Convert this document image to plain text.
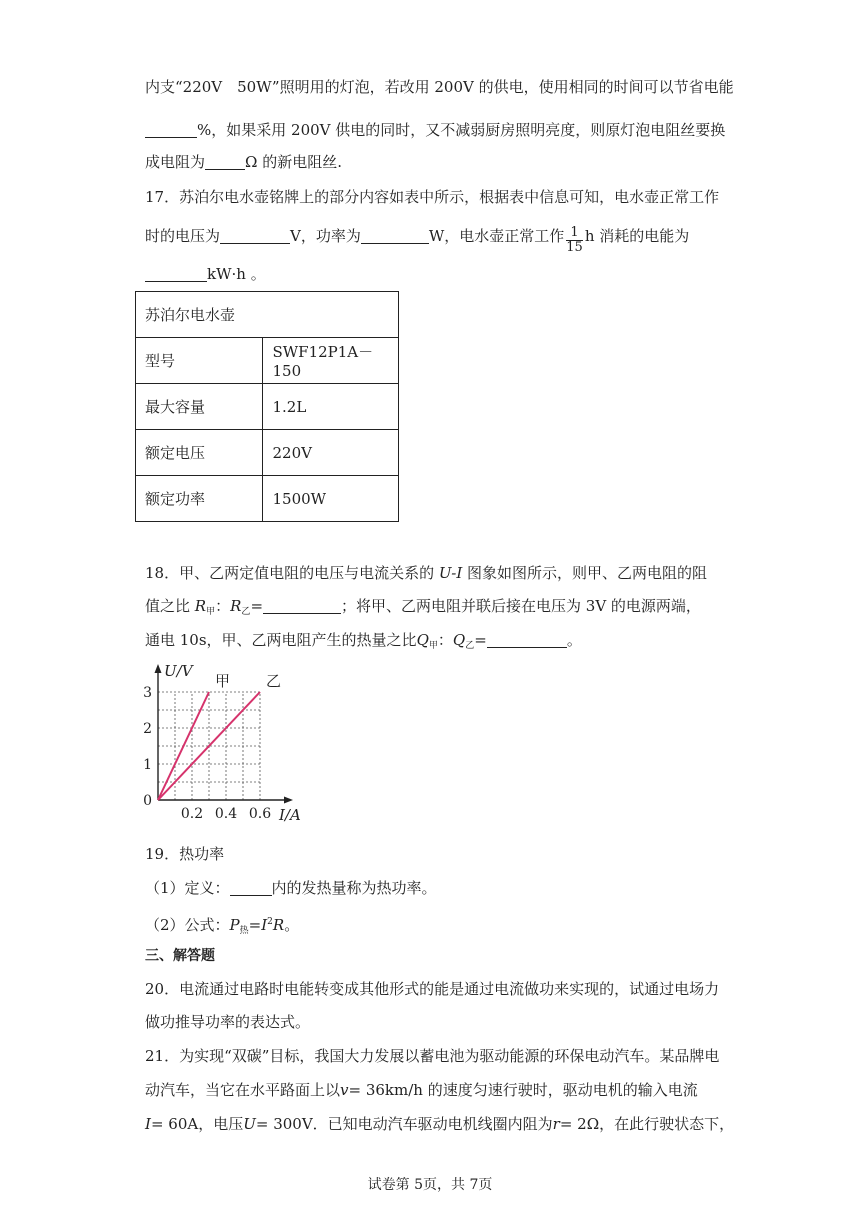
内支“220V　50W”照明用的灯泡，若改用 200V 的供电，使用相同的时间可以节省电能
%，如果采用 200V 供电的同时，又不减弱厨房照明亮度，则原灯泡电阻丝要换
成电阻为	Ω 的新电阻丝.
17．苏泊尔电水壶铭牌上的部分内容如表中所示，根据表中信息可知，电水壶正常工作
时的电压为	V，功率为	W，电水壶正常工作 $\frac{1}{15}$ h 消耗的电能为
kW·h 。
苏泊尔电水壶	
型号	SWF12P1A－150
最大容量	1.2L
额定电压	220V
额定功率	1500W
18．甲、乙两定值电阻的电压与电流关系的 U-I 图象如图所示，则甲、乙两电阻的阻
值之比 $R_甲$：$R_乙=$	；将甲、乙两电阻并联后接在电压为 3V 的电源两端，
通电 10s，甲、乙两电阻产生的热量之比$Q_甲$：$Q_乙=$	。
0.2 0.4 0.6
1
2
3
0
I/A
U/V
甲 乙
19．热功率
（1）定义：	内的发热量称为热功率。
（2）公式：$P_热=I^2R$。
三、解答题
20．电流通过电路时电能转变成其他形式的能是通过电流做功来实现的，试通过电场力
做功推导功率的表达式。
21．为实现“双碳”目标，我国大力发展以蓄电池为驱动能源的环保电动汽车。某品牌电
动汽车，当它在水平路面上以v= 36km/h 的速度匀速行驶时，驱动电机的输入电流
I= 60A，电压U= 300V．已知电动汽车驱动电机线圈内阻为r= 2Ω，在此行驶状态下，
试卷第 5页，共 7页
